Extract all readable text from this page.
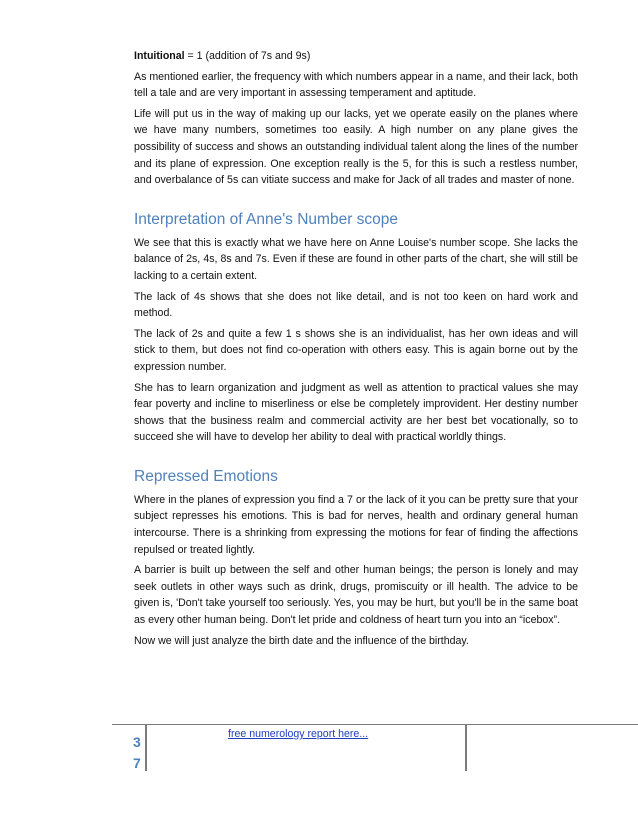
Intuitional = 1 (addition of 7s and 9s)

As mentioned earlier, the frequency with which numbers appear in a name, and their lack, both tell a tale and are very important in assessing temperament and aptitude.

Life will put us in the way of making up our lacks, yet we operate easily on the planes where we have many numbers, sometimes too easily. A high number on any plane gives the possibility of success and shows an outstanding individual talent along the lines of the number and its plane of expression. One exception really is the 5, for this is such a restless number, and overbalance of 5s can vitiate success and make for Jack of all trades and master of none.

Interpretation of Anne's Number scope

We see that this is exactly what we have here on Anne Louise's number scope. She lacks the balance of 2s, 4s, 8s and 7s. Even if these are found in other parts of the chart, she will still be lacking to a certain extent.

The lack of 4s shows that she does not like detail, and is not too keen on hard work and method.

The lack of 2s and quite a few 1 s shows she is an individualist, has her own ideas and will stick to them, but does not find co-operation with others easy. This is again borne out by the expression number.

She has to learn organization and judgment as well as attention to practical values she may fear poverty and incline to miserliness or else be completely improvident. Her destiny number shows that the business realm and commercial activity are her best bet vocationally, so to succeed she will have to develop her ability to deal with practical worldly things.

Repressed Emotions

Where in the planes of expression you find a 7 or the lack of it you can be pretty sure that your subject represses his emotions. This is bad for nerves, health and ordinary general human intercourse. There is a shrinking from expressing the motions for fear of finding the affections repulsed or treated lightly.

A barrier is built up between the self and other human beings; the person is lonely and may seek outlets in other ways such as drink, drugs, promiscuity or ill health. The advice to be given is, 'Don't take yourself too seriously. Yes, you may be hurt, but you'll be in the same boat as every other human being. Don't let pride and coldness of heart turn you into an “icebox”.

Now we will just analyze the birth date and the influence of the birthday.

3
7
free numerology report here...
